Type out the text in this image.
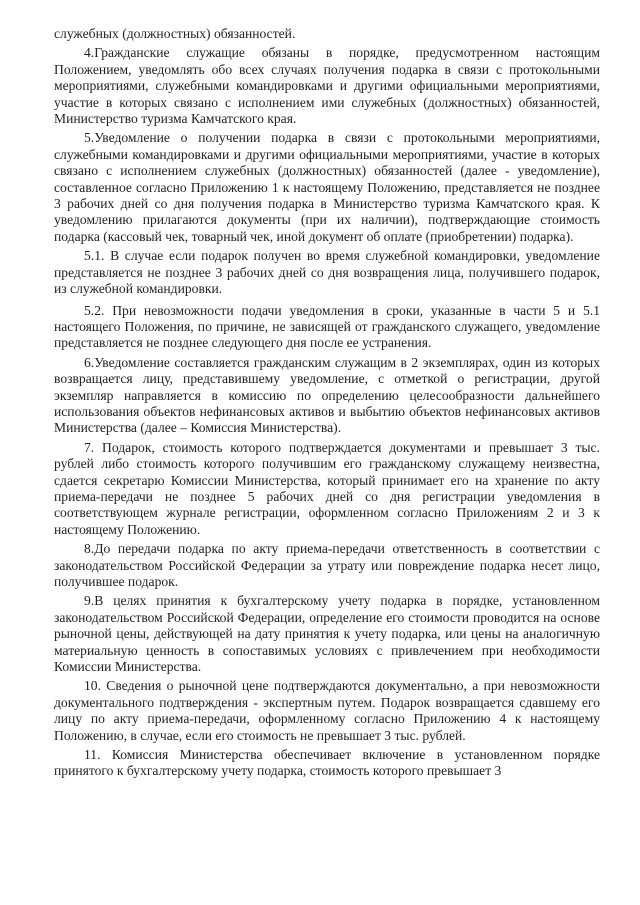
служебных (должностных) обязанностей.

4.Гражданские служащие обязаны в порядке, предусмотренном настоящим Положением, уведомлять обо всех случаях получения подарка в связи с протокольными мероприятиями, служебными командировками и другими официальными мероприятиями, участие в которых связано с исполнением ими служебных (должностных) обязанностей, Министерство туризма Камчатского края.

5.Уведомление о получении подарка в связи с протокольными мероприятиями, служебными командировками и другими официальными мероприятиями, участие в которых связано с исполнением служебных (должностных) обязанностей (далее - уведомление), составленное согласно Приложению 1 к настоящему Положению, представляется не позднее 3 рабочих дней со дня получения подарка в Министерство туризма Камчатского края. К уведомлению прилагаются документы (при их наличии), подтверждающие стоимость подарка (кассовый чек, товарный чек, иной документ об оплате (приобретении) подарка).

5.1. В случае если подарок получен во время служебной командировки, уведомление представляется не позднее 3 рабочих дней со дня возвращения лица, получившего подарок, из служебной командировки.

5.2. При невозможности подачи уведомления в сроки, указанные в части 5 и 5.1 настоящего Положения, по причине, не зависящей от гражданского служащего, уведомление представляется не позднее следующего дня после ее устранения.

6.Уведомление составляется гражданским служащим в 2 экземплярах, один из которых возвращается лицу, представившему уведомление, с отметкой о регистрации, другой экземпляр направляется в комиссию по определению целесообразности дальнейшего использования объектов нефинансовых активов и выбытию объектов нефинансовых активов Министерства (далее – Комиссия Министерства).

7. Подарок, стоимость которого подтверждается документами и превышает 3 тыс. рублей либо стоимость которого получившим его гражданскому служащему неизвестна, сдается секретарю Комиссии Министерства, который принимает его на хранение по акту приема-передачи не позднее 5 рабочих дней со дня регистрации уведомления в соответствующем журнале регистрации, оформленном согласно Приложениям 2 и 3 к настоящему Положению.

8.До передачи подарка по акту приема-передачи ответственность в соответствии с законодательством Российской Федерации за утрату или повреждение подарка несет лицо, получившее подарок.

9.В целях принятия к бухгалтерскому учету подарка в порядке, установленном законодательством Российской Федерации, определение его стоимости проводится на основе рыночной цены, действующей на дату принятия к учету подарка, или цены на аналогичную материальную ценность в сопоставимых условиях с привлечением при необходимости Комиссии Министерства.

10. Сведения о рыночной цене подтверждаются документально, а при невозможности документального подтверждения - экспертным путем. Подарок возвращается сдавшему его лицу по акту приема-передачи, оформленному согласно Приложению 4 к настоящему Положению, в случае, если его стоимость не превышает 3 тыс. рублей.

11. Комиссия Министерства обеспечивает включение в установленном порядке принятого к бухгалтерскому учету подарка, стоимость которого превышает 3
